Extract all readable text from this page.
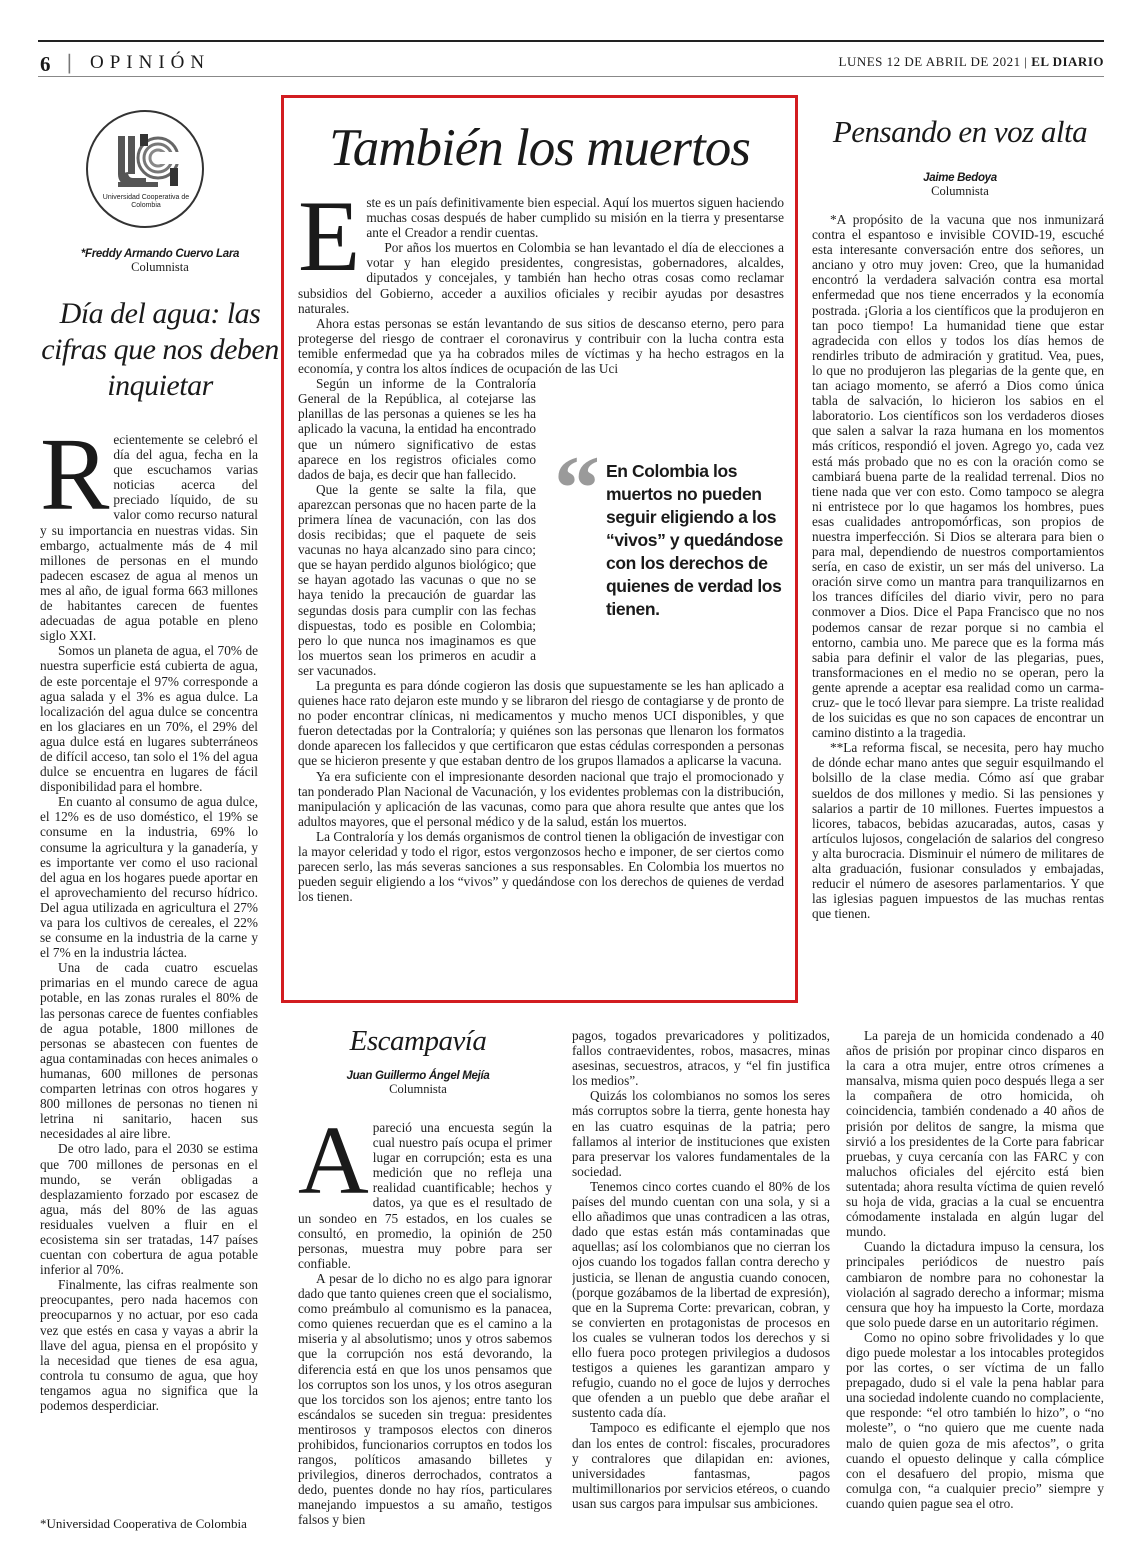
6 | OPINIÓN	LUNES 12 DE ABRIL DE 2021 | EL DIARIO
Universidad Cooperativa de Colombia
*Freddy Armando Cuervo Lara
Columnista
Día del agua: las cifras que nos deben inquietar
R ecientemente se celebró el día del agua, fecha en la que escuchamos varias noticias acerca del preciado líquido, de su valor como recurso natural y su importancia en nuestras vidas. Sin embargo, actualmente más de 4 mil millones de personas en el mundo padecen escasez de agua al menos un mes al año, de igual forma 663 millones de habitantes carecen de fuentes adecuadas de agua potable en pleno siglo XXI.

Somos un planeta de agua, el 70% de nuestra superficie está cubierta de agua, de este porcentaje el 97% corresponde a agua salada y el 3% es agua dulce. La localización del agua dulce se concentra en los glaciares en un 70%, el 29% del agua dulce está en lugares subterráneos de difícil acceso, tan solo el 1% del agua dulce se encuentra en lugares de fácil disponibilidad para el hombre.

En cuanto al consumo de agua dulce, el 12% es de uso doméstico, el 19% se consume en la industria, 69% lo consume la agricultura y la ganadería, y es importante ver como el uso racional del agua en los hogares puede aportar en el aprovechamiento del recurso hídrico. Del agua utilizada en agricultura el 27% va para los cultivos de cereales, el 22% se consume en la industria de la carne y el 7% en la industria láctea.

Una de cada cuatro escuelas primarias en el mundo carece de agua potable, en las zonas rurales el 80% de las personas carece de fuentes confiables de agua potable, 1800 millones de personas se abastecen con fuentes de agua contaminadas con heces animales o humanas, 600 millones de personas comparten letrinas con otros hogares y 800 millones de personas no tienen ni letrina ni sanitario, hacen sus necesidades al aire libre.

De otro lado, para el 2030 se estima que 700 millones de personas en el mundo, se verán obligadas a desplazamiento forzado por escasez de agua, más del 80% de las aguas residuales vuelven a fluir en el ecosistema sin ser tratadas, 147 países cuentan con cobertura de agua potable inferior al 70%.

Finalmente, las cifras realmente son preocupantes, pero nada hacemos con preocuparnos y no actuar, por eso cada vez que estés en casa y vayas a abrir la llave del agua, piensa en el propósito y la necesidad que tienes de esa agua, controla tu consumo de agua, que hoy tengamos agua no significa que la podemos desperdiciar.

*Universidad Cooperativa de Colombia
También los muertos
“ En Colombia los muertos no pueden seguir eligiendo a los “vivos” y quedándose con los derechos de quienes de verdad los tienen.
E ste es un país definitivamente bien especial. Aquí los muertos siguen haciendo muchas cosas después de haber cumplido su misión en la tierra y presentarse ante el Creador a rendir cuentas.

Por años los muertos en Colombia se han levantado el día de elecciones a votar y han elegido presidentes, congresistas, gobernadores, alcaldes, diputados y concejales, y también han hecho otras cosas como reclamar subsidios del Gobierno, acceder a auxilios oficiales y recibir ayudas por desastres naturales.

Ahora estas personas se están levantando de sus sitios de descanso eterno, pero para protegerse del riesgo de contraer el coronavirus y contribuir con la lucha contra esta temible enfermedad que ya ha cobrados miles de víctimas y ha hecho estragos en la economía, y contra los altos índices de ocupación de las Uci

Según un informe de la Contraloría General de la República, al cotejarse las planillas de las personas a quienes se les ha aplicado la vacuna, la entidad ha encontrado que un número significativo de estas aparece en los registros oficiales como dados de baja, es decir que han fallecido.

Que la gente se salte la fila, que aparezcan personas que no hacen parte de la primera línea de vacunación, con las dos dosis recibidas; que el paquete de seis vacunas no haya alcanzado sino para cinco; que se hayan perdido algunos biológico; que se hayan agotado las vacunas o que no se haya tenido la precaución de guardar las segundas dosis para cumplir con las fechas dispuestas, todo es posible en Colombia; pero lo que nunca nos imaginamos es que los muertos sean los primeros en acudir a ser vacunados.

La pregunta es para dónde cogieron las dosis que supuestamente se les han aplicado a quienes hace rato dejaron este mundo y se libraron del riesgo de contagiarse y de pronto de no poder encontrar clínicas, ni medicamentos y mucho menos UCI disponibles, y que fueron detectadas por la Contraloría; y quiénes son las personas que llenaron los formatos donde aparecen los fallecidos y que certificaron que estas cédulas corresponden a personas que se hicieron presente y que estaban dentro de los grupos llamados a aplicarse la vacuna.

Ya era suficiente con el impresionante desorden nacional que trajo el promocionado y tan ponderado Plan Nacional de Vacunación, y los evidentes problemas con la distribución, manipulación y aplicación de las vacunas, como para que ahora resulte que antes que los adultos mayores, que el personal médico y de la salud, están los muertos.

La Contraloría y los demás organismos de control tienen la obligación de investigar con la mayor celeridad y todo el rigor, estos vergonzosos hecho e imponer, de ser ciertos como parecen serlo, las más severas sanciones a sus responsables. En Colombia los muertos no pueden seguir eligiendo a los “vivos” y quedándose con los derechos de quienes de verdad los tienen.

Pensando en voz alta
Jaime Bedoya
Columnista

*A propósito de la vacuna que nos inmunizará contra el espantoso e invisible COVID-19, escuché esta interesante conversación entre dos señores, un anciano y otro muy joven: Creo, que la humanidad encontró la verdadera salvación contra esa mortal enfermedad que nos tiene encerrados y la economía postrada. ¡Gloria a los científicos que la produjeron en tan poco tiempo! La humanidad tiene que estar agradecida con ellos y todos los días hemos de rendirles tributo de admiración y gratitud. Vea, pues, lo que no produjeron las plegarias de la gente que, en tan aciago momento, se aferró a Dios como única tabla de salvación, lo hicieron los sabios en el laboratorio. Los científicos son los verdaderos dioses que salen a salvar la raza humana en los momentos más críticos, respondió el joven. Agrego yo, cada vez está más probado que no es con la oración como se cambiará buena parte de la realidad terrenal. Dios no tiene nada que ver con esto. Como tampoco se alegra ni entristece por lo que hagamos los hombres, pues esas cualidades antropomórficas, son propios de nuestra imperfección. Si Dios se alterara para bien o para mal, dependiendo de nuestros comportamientos sería, en caso de existir, un ser más del universo. La oración sirve como un mantra para tranquilizarnos en los trances difíciles del diario vivir, pero no para conmover a Dios. Dice el Papa Francisco que no nos podemos cansar de rezar porque si no cambia el entorno, cambia uno. Me parece que es la forma más sabia para definir el valor de las plegarias, pues, transformaciones en el medio no se operan, pero la gente aprende a aceptar esa realidad como un carma- cruz- que le tocó llevar para siempre. La triste realidad de los suicidas es que no son capaces de encontrar un camino distinto a la tragedia.

**La reforma fiscal, se necesita, pero hay mucho de dónde echar mano antes que seguir esquilmando el bolsillo de la clase media. Cómo así que grabar sueldos de dos millones y medio. Si las pensiones y salarios a partir de 10 millones. Fuertes impuestos a licores, tabacos, bebidas azucaradas, autos, casas y artículos lujosos, congelación de salarios del congreso y alta burocracia. Disminuir el número de militares de alta graduación, fusionar consulados y embajadas, reducir el número de asesores parlamentarios. Y que las iglesias paguen impuestos de las muchas rentas que tienen.

Escampavía
Juan Guillermo Ángel Mejía
Columnista
A pareció una encuesta según la cual nuestro país ocupa el primer lugar en corrupción; esta es una medición que no refleja una realidad cuantificable; hechos y datos, ya que es el resultado de un sondeo en 75 estados, en los cuales se consultó, en promedio, la opinión de 250 personas, muestra muy pobre para ser confiable.

A pesar de lo dicho no es algo para ignorar dado que tanto quienes creen que el socialismo, como preámbulo al comunismo es la panacea, como quienes recuerdan que es el camino a la miseria y al absolutismo; unos y otros sabemos que la corrupción nos está devorando, la diferencia está en que los unos pensamos que los corruptos son los unos, y los otros aseguran que los torcidos son los ajenos; entre tanto los escándalos se suceden sin tregua: presidentes mentirosos y tramposos electos con dineros prohibidos, funcionarios corruptos en todos los rangos, políticos amasando billetes y privilegios, dineros derrochados, contratos a dedo, puentes donde no hay ríos, particulares manejando impuestos a su amaño, testigos falsos y bien

pagos, togados prevaricadores y politizados, fallos contraevidentes, robos, masacres, minas asesinas, secuestros, atracos, y “el fin justifica los medios”.

Quizás los colombianos no somos los seres más corruptos sobre la tierra, gente honesta hay en las cuatro esquinas de la patria; pero fallamos al interior de instituciones que existen para preservar los valores fundamentales de la sociedad.

Tenemos cinco cortes cuando el 80% de los países del mundo cuentan con una sola, y si a ello añadimos que unas contradicen a las otras, dado que estas están más contaminadas que aquellas; así los colombianos que no cierran los ojos cuando los togados fallan contra derecho y justicia, se llenan de angustia cuando conocen, (porque gozábamos de la libertad de expresión), que en la Suprema Corte: prevarican, cobran, y se convierten en protagonistas de procesos en los cuales se vulneran todos los derechos y si ello fuera poco protegen privilegios a dudosos testigos a quienes les garantizan amparo y refugio, cuando no el goce de lujos y derroches que ofenden a un pueblo que debe arañar el sustento cada día.

Tampoco es edificante el ejemplo que nos dan los entes de control: fiscales, procuradores y contralores que dilapidan en: aviones, universidades fantasmas, pagos multimillonarios por servicios etéreos, o cuando usan sus cargos para impulsar sus ambiciones.

La pareja de un homicida condenado a 40 años de prisión por propinar cinco disparos en la cara a otra mujer, entre otros crímenes a mansalva, misma quien poco después llega a ser la compañera de otro homicida, oh coincidencia, también condenado a 40 años de prisión por delitos de sangre, la misma que sirvió a los presidentes de la Corte para fabricar pruebas, y cuya cercanía con las FARC y con maluchos oficiales del ejército está bien sutentada; ahora resulta víctima de quien reveló su hoja de vida, gracias a la cual se encuentra cómodamente instalada en algún lugar del mundo.

Cuando la dictadura impuso la censura, los principales periódicos de nuestro país cambiaron de nombre para no cohonestar la violación al sagrado derecho a informar; misma censura que hoy ha impuesto la Corte, mordaza que solo puede darse en un autoritario régimen.

Como no opino sobre frivolidades y lo que digo puede molestar a los intocables protegidos por las cortes, o ser víctima de un fallo prepagado, dudo si el vale la pena hablar para una sociedad indolente cuando no complaciente, que responde: “el otro también lo hizo”, o “no moleste”, o “no quiero que me cuente nada malo de quien goza de mis afectos”, o grita cuando el opuesto delinque y calla cómplice con el desafuero del propio, misma que comulga con, “a cualquier precio” siempre y cuando quien pague sea el otro.
